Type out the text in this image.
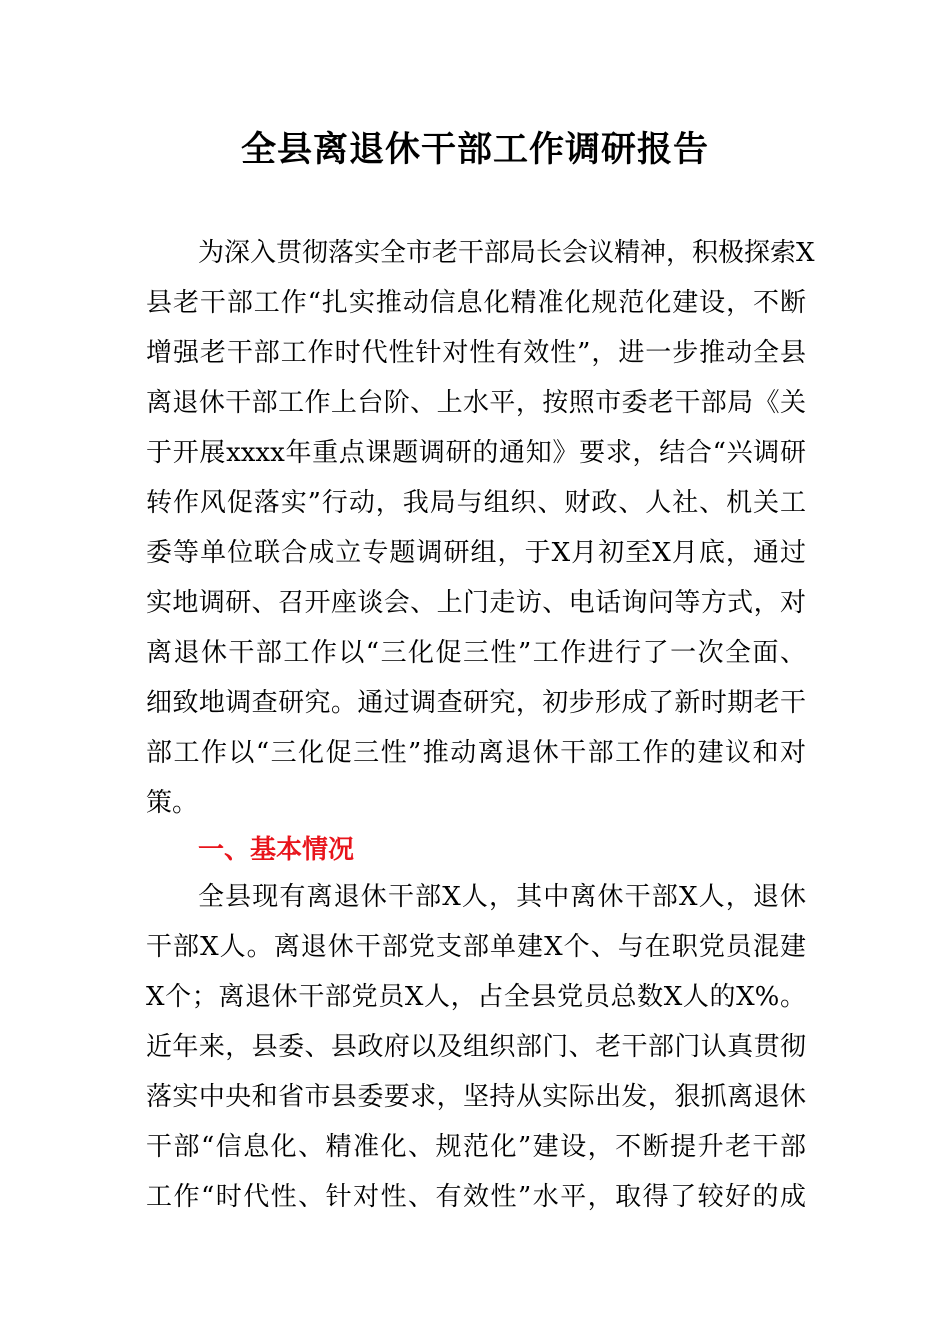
全县离退休干部工作调研报告

为深入贯彻落实全市老干部局长会议精神，积极探索X

县老干部工作“扎实推动信息化精准化规范化建设，不断

增强老干部工作时代性针对性有效性”，进一步推动全县

离退休干部工作上台阶、上水平，按照市委老干部局《关

于开展xxxx年重点课题调研的通知》要求，结合“兴调研

转作风促落实”行动，我局与组织、财政、人社、机关工

委等单位联合成立专题调研组，于X月初至X月底，通过

实地调研、召开座谈会、上门走访、电话询问等方式，对

离退休干部工作以“三化促三性”工作进行了一次全面、

细致地调查研究。通过调查研究，初步形成了新时期老干

部工作以“三化促三性”推动离退休干部工作的建议和对

策。

一、基本情况

全县现有离退休干部X人，其中离休干部X人，退休

干部X人。离退休干部党支部单建X个、与在职党员混建

X个；离退休干部党员X人，占全县党员总数X人的X%。

近年来，县委、县政府以及组织部门、老干部门认真贯彻

落实中央和省市县委要求，坚持从实际出发，狠抓离退休

干部“信息化、精准化、规范化”建设，不断提升老干部

工作“时代性、针对性、有效性”水平，取得了较好的成
